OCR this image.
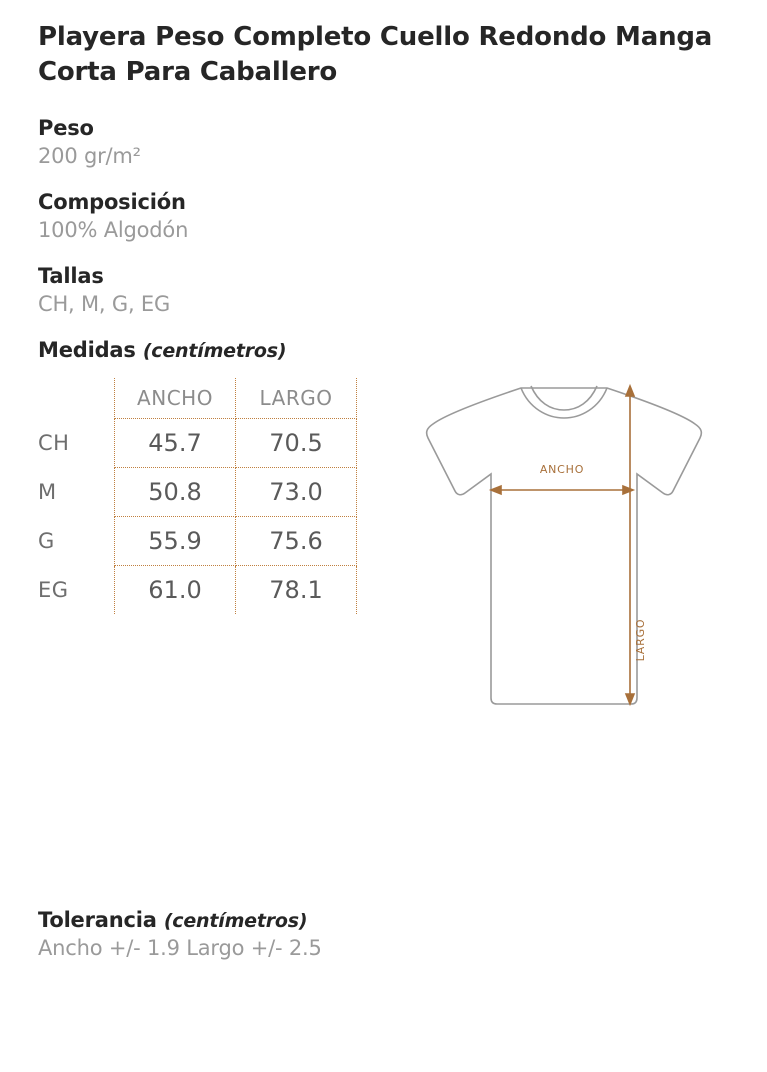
Playera Peso Completo Cuello Redondo Manga Corta Para Caballero
Peso
200 gr/m²
Composición
100% Algodón
Tallas
CH, M, G, EG
Medidas (centímetros)
	ANCHO	LARGO
CH	45.7	70.5
M	50.8	73.0
G	55.9	75.6
EG	61.0	78.1
ANCHO
LARGO
Tolerancia (centímetros)
Ancho +/- 1.9 Largo +/- 2.5
